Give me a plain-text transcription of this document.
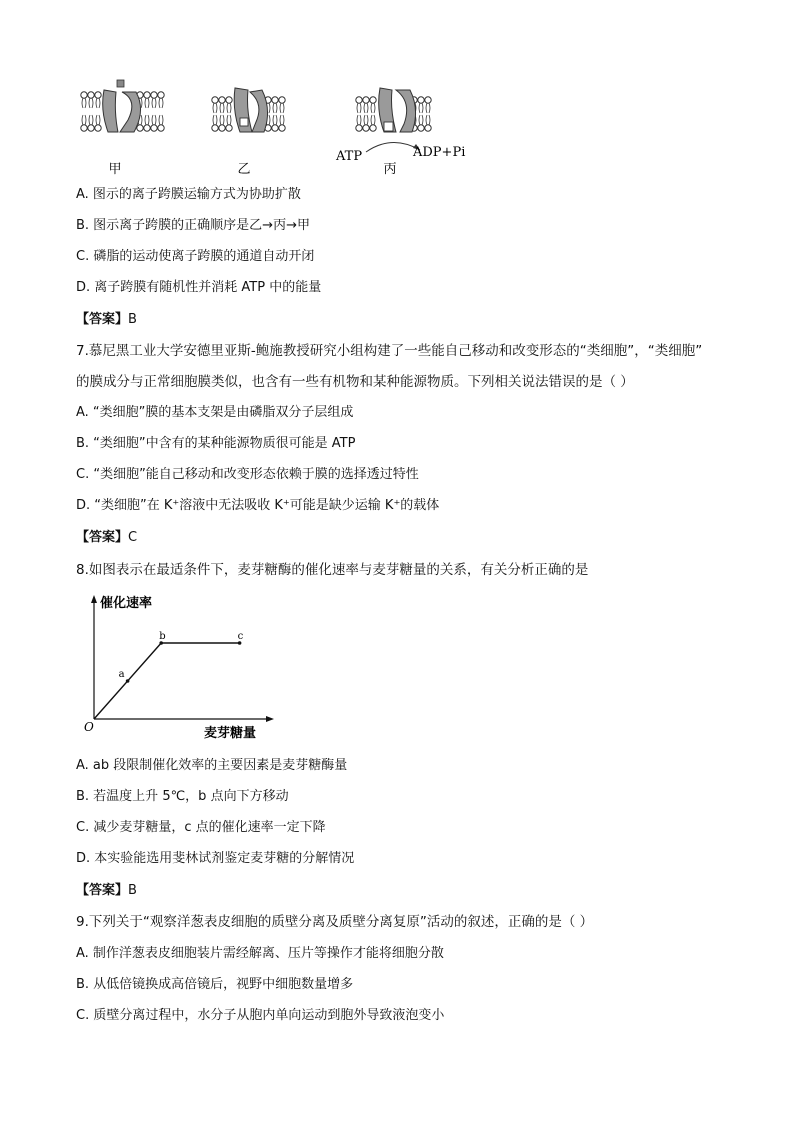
甲	乙
ATP	ADP+Pi
丙
A. 图示的离子跨膜运输方式为协助扩散
B. 图示离子跨膜的正确顺序是乙→丙→甲
C. 磷脂的运动使离子跨膜的通道自动开闭
D. 离子跨膜有随机性并消耗 ATP 中的能量
【答案】B
7.慕尼黑工业大学安德里亚斯-鲍施教授研究小组构建了一些能自己移动和改变形态的“类细胞”，“类细胞”
的膜成分与正常细胞膜类似，也含有一些有机物和某种能源物质。下列相关说法错误的是（ ）
A. “类细胞”膜的基本支架是由磷脂双分子层组成
B. “类细胞”中含有的某种能源物质很可能是 ATP
C. “类细胞”能自己移动和改变形态依赖于膜的选择透过特性
D. “类细胞”在 K⁺溶液中无法吸收 K⁺可能是缺少运输 K⁺的载体
【答案】C
8.如图表示在最适条件下，麦芽糖酶的催化速率与麦芽糖量的关系，有关分析正确的是
催化速率
麦芽糖量
O
a
b	c
A. ab 段限制催化效率的主要因素是麦芽糖酶量
B. 若温度上升 5℃，b 点向下方移动
C. 减少麦芽糖量，c 点的催化速率一定下降
D. 本实验能选用斐林试剂鉴定麦芽糖的分解情况
【答案】B
9.下列关于“观察洋葱表皮细胞的质壁分离及质壁分离复原”活动的叙述，正确的是（ ）
A. 制作洋葱表皮细胞装片需经解离、压片等操作才能将细胞分散
B. 从低倍镜换成高倍镜后，视野中细胞数量增多
C. 质壁分离过程中，水分子从胞内单向运动到胞外导致液泡变小
